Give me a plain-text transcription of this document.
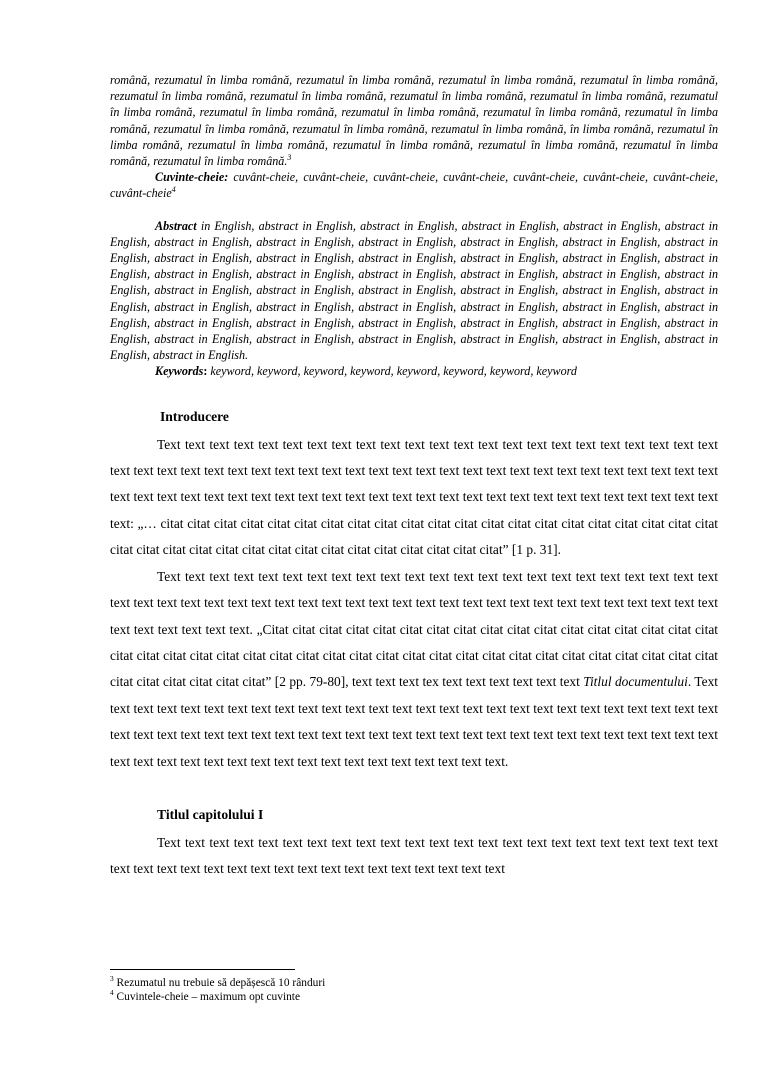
română, rezumatul în limba română, rezumatul în limba română, rezumatul în limba română, rezumatul în limba română, rezumatul în limba română, rezumatul în limba română, rezumatul în limba română, rezumatul în limba română, rezumatul în limba română, rezumatul în limba română, rezumatul în limba română, rezumatul în limba română, rezumatul în limba română, rezumatul în limba română, rezumatul în limba română, rezumatul în limba română, în limba română, rezumatul în limba română, rezumatul în limba română, rezumatul în limba română, rezumatul în limba română, rezumatul în limba română, rezumatul în limba română.$^3$

Cuvinte-cheie: cuvânt-cheie, cuvânt-cheie, cuvânt-cheie, cuvânt-cheie, cuvânt-cheie, cuvânt-cheie, cuvânt-cheie, cuvânt-cheie$^4$

Abstract in English, abstract in English, abstract in English, abstract in English, abstract in English, abstract in English, abstract in English, abstract in English, abstract in English, abstract in English, abstract in English, abstract in English, abstract in English, abstract in English, abstract in English, abstract in English, abstract in English, abstract in English, abstract in English, abstract in English, abstract in English, abstract in English, abstract in English, abstract in English, abstract in English, abstract in English, abstract in English, abstract in English, abstract in English, abstract in English, abstract in English, abstract in English, abstract in English, abstract in English, abstract in English, abstract in English, abstract in English, abstract in English, abstract in English, abstract in English, abstract in English, abstract in English, abstract in English, abstract in English, abstract in English, abstract in English, abstract in English, abstract in English, abstract in English.

Keywords: keyword, keyword, keyword, keyword, keyword, keyword, keyword, keyword

Introducere

Text text text text text text text text text text text text text text text text text text text text text text text text text text text text text text text text text text text text text text text text text text text text text text text text text text text text text text text text text text text text text text text text text text text text text text text text text text text text: „… citat citat citat citat citat citat citat citat citat citat citat citat citat citat citat citat citat citat citat citat citat citat citat citat citat citat citat citat citat citat citat citat citat citat citat citat” [1 p. 31].

Text text text text text text text text text text text text text text text text text text text text text text text text text text text text text text text text text text text text text text text text text text text text text text text text text text text text text text text. „Citat citat citat citat citat citat citat citat citat citat citat citat citat citat citat citat citat citat citat citat citat citat citat citat citat citat citat citat citat citat citat citat citat citat citat citat citat citat citat citat citat citat citat citat citat citat” [2 pp. 79-80], text text text tex text text text text text text Titlul documentului. Text text text text text text text text text text text text text text text text text text text text text text text text text text text text text text text text text text text text text text text text text text text text text text text text text text text text text text text text text text text text text text text text text text text text text text.

Titlul capitolului I

Text text text text text text text text text text text text text text text text text text text text text text text text text text text text text text text text text text text text text text text text

$^3$ Rezumatul nu trebuie să depășescă 10 rânduri

$^4$ Cuvintele-cheie – maximum opt cuvinte
